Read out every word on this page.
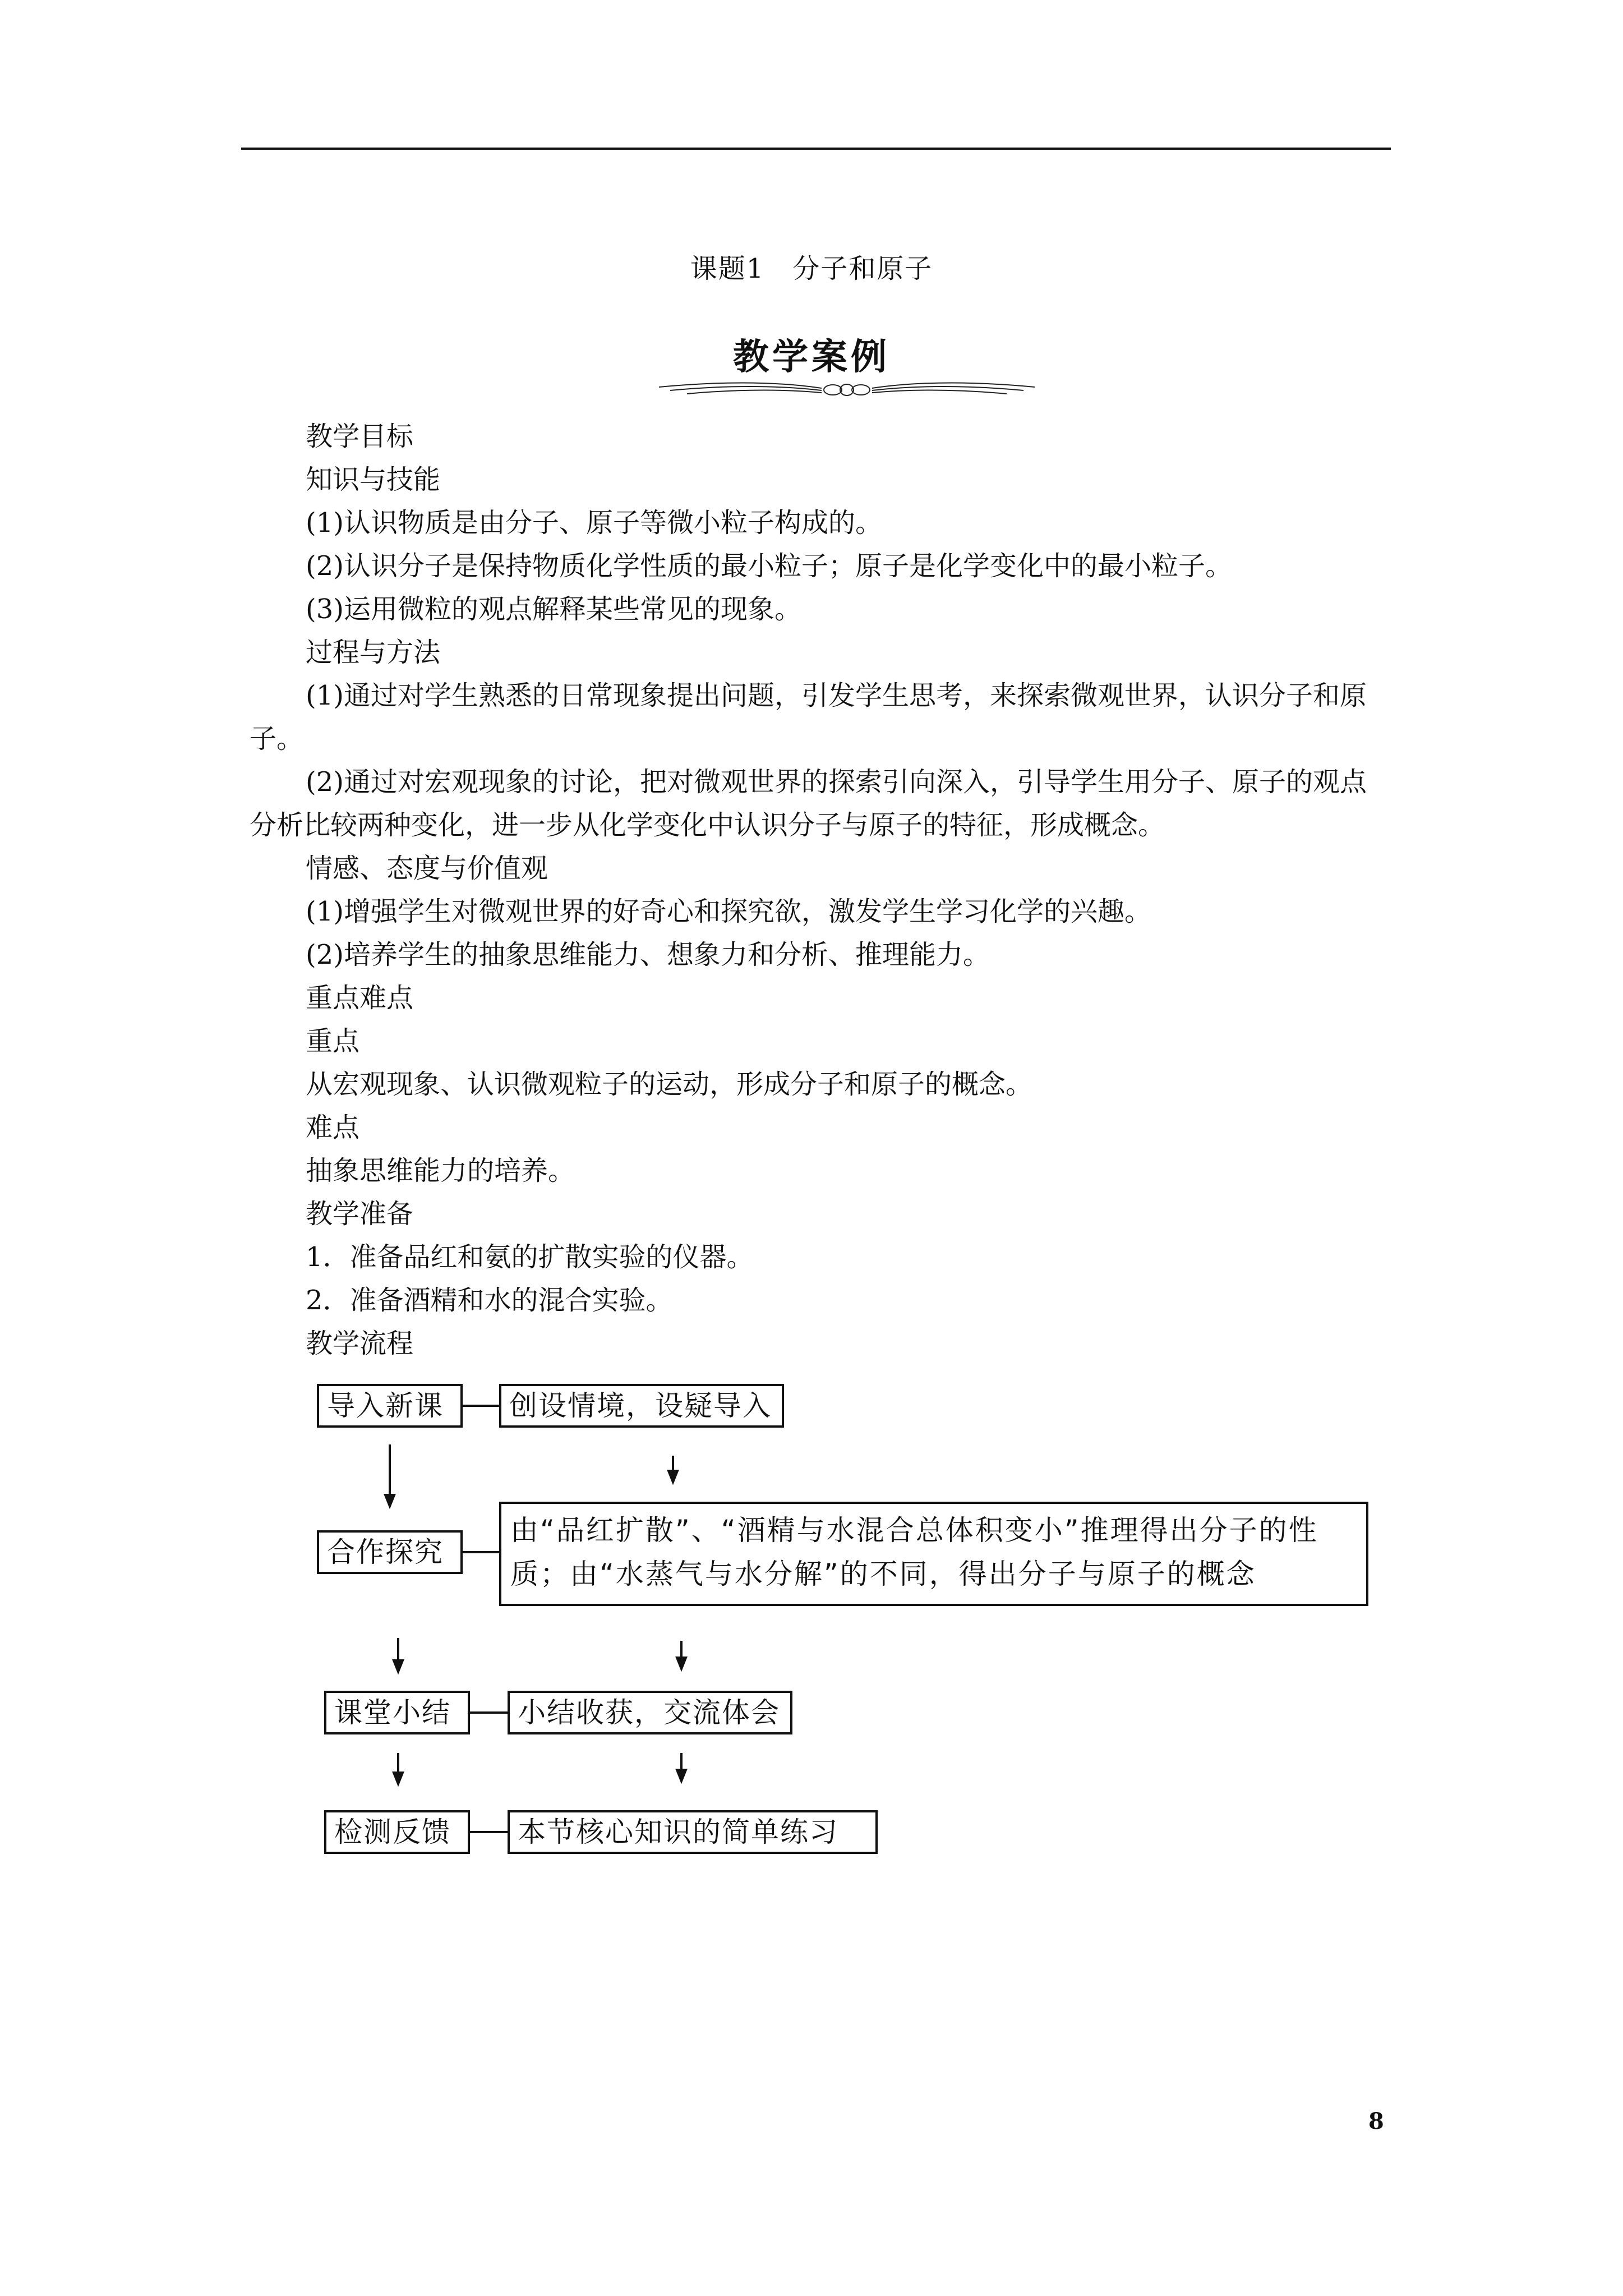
课题1　分子和原子
教学案例
教学目标
知识与技能
(1)认识物质是由分子、原子等微小粒子构成的。
(2)认识分子是保持物质化学性质的最小粒子；原子是化学变化中的最小粒子。
(3)运用微粒的观点解释某些常见的现象。
过程与方法
(1)通过对学生熟悉的日常现象提出问题，引发学生思考，来探索微观世界，认识分子和原子。
(2)通过对宏观现象的讨论，把对微观世界的探索引向深入，引导学生用分子、原子的观点分析比较两种变化，进一步从化学变化中认识分子与原子的特征，形成概念。
情感、态度与价值观
(1)增强学生对微观世界的好奇心和探究欲，激发学生学习化学的兴趣。
(2)培养学生的抽象思维能力、想象力和分析、推理能力。
重点难点
重点
从宏观现象、认识微观粒子的运动，形成分子和原子的概念。
难点
抽象思维能力的培养。
教学准备
1．准备品红和氨的扩散实验的仪器。
2．准备酒精和水的混合实验。
教学流程
导入新课	创设情境，设疑导入
合作探究
由“品红扩散”、“酒精与水混合总体积变小”推理得出分子的性质；由“水蒸气与水分解”的不同，得出分子与原子的概念
课堂小结	小结收获，交流体会
检测反馈	本节核心知识的简单练习
8
